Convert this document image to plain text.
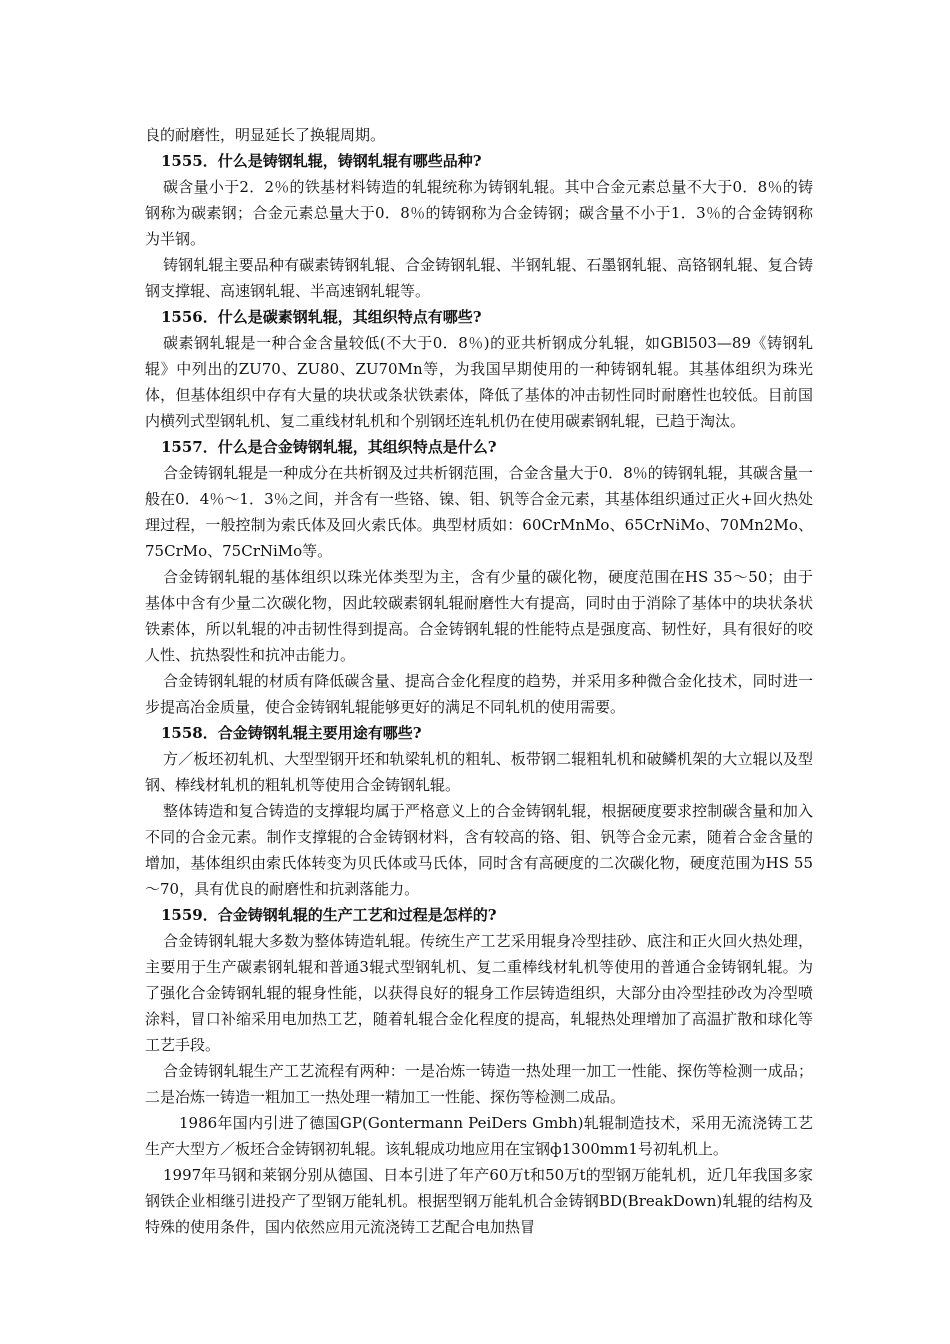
良的耐磨性，明显延长了换辊周期。

1555．什么是铸钢轧辊，铸钢轧辊有哪些品种?

碳含量小于2．2％的铁基材料铸造的轧辊统称为铸钢轧辊。其中合金元素总量不大于0．8％的铸钢称为碳素钢；合金元素总量大于0．8％的铸钢称为合金铸钢；碳含量不小于1．3％的合金铸钢称为半钢。

铸钢轧辊主要品种有碳素铸钢轧辊、合金铸钢轧辊、半钢轧辊、石墨钢轧辊、高铬钢轧辊、复合铸钢支撑辊、高速钢轧辊、半高速钢轧辊等。

1556．什么是碳素钢轧辊，其组织特点有哪些?

碳素钢轧辊是一种合金含量较低(不大于0．8％)的亚共析钢成分轧辊，如GBl503—89《铸钢轧辊》中列出的ZU70、ZU80、ZU70Mn等，为我国早期使用的一种铸钢轧辊。其基体组织为珠光体，但基体组织中存有大量的块状或条状铁素体，降低了基体的冲击韧性同时耐磨性也较低。目前国内横列式型钢轧机、复二重线材轧机和个别钢坯连轧机仍在使用碳素钢轧辊，已趋于淘汰。

1557．什么是合金铸钢轧辊，其组织特点是什么?

合金铸钢轧辊是一种成分在共析钢及过共析钢范围，合金含量大于0．8％的铸钢轧辊，其碳含量一般在0．4％～1．3％之间，并含有一些铬、镍、钼、钒等合金元素，其基体组织通过正火+回火热处理过程，一般控制为索氏体及回火索氏体。典型材质如：60CrMnMo、65CrNiMo、70Mn2Mo、75CrMo、75CrNiMo等。

合金铸钢轧辊的基体组织以珠光体类型为主，含有少量的碳化物，硬度范围在HS 35～50；由于基体中含有少量二次碳化物，因此较碳素钢轧辊耐磨性大有提高，同时由于消除了基体中的块状条状铁素体，所以轧辊的冲击韧性得到提高。合金铸钢轧辊的性能特点是强度高、韧性好，具有很好的咬人性、抗热裂性和抗冲击能力。

合金铸钢轧辊的材质有降低碳含量、提高合金化程度的趋势，并采用多种微合金化技术，同时进一步提高冶金质量，使合金铸钢轧辊能够更好的满足不同轧机的使用需要。

1558．合金铸钢轧辊主要用途有哪些?

方／板坯初轧机、大型型钢开坯和轨梁轧机的粗轧、板带钢二辊粗轧机和破鳞机架的大立辊以及型钢、棒线材轧机的粗轧机等使用合金铸钢轧辊。

整体铸造和复合铸造的支撑辊均属于严格意义上的合金铸钢轧辊，根据硬度要求控制碳含量和加入不同的合金元素。制作支撑辊的合金铸钢材料，含有较高的铬、钼、钒等合金元素，随着合金含量的增加，基体组织由索氏体转变为贝氏体或马氏体，同时含有高硬度的二次碳化物，硬度范围为HS 55～70，具有优良的耐磨性和抗剥落能力。

1559．合金铸钢轧辊的生产工艺和过程是怎样的?

合金铸钢轧辊大多数为整体铸造轧辊。传统生产工艺采用辊身冷型挂砂、底注和正火回火热处理，主要用于生产碳素钢轧辊和普通3辊式型钢轧机、复二重棒线材轧机等使用的普通合金铸钢轧辊。为了强化合金铸钢轧辊的辊身性能，以获得良好的辊身工作层铸造组织，大部分由冷型挂砂改为冷型喷涂料，冒口补缩采用电加热工艺，随着轧辊合金化程度的提高，轧辊热处理增加了高温扩散和球化等工艺手段。

合金铸钢轧辊生产工艺流程有两种：一是冶炼一铸造一热处理一加工一性能、探伤等检测一成品；二是冶炼一铸造一粗加工一热处理一精加工一性能、探伤等检测二成品。

1986年国内引进了德国GP(Gontermann PeiDers Gmbh)轧辊制造技术，采用无流浇铸工艺生产大型方／板坯合金铸钢初轧辊。该轧辊成功地应用在宝钢ф1300mm1号初轧机上。

1997年马钢和莱钢分别从德国、日本引进了年产60万t和50万t的型钢万能轧机，近几年我国多家钢铁企业相继引进投产了型钢万能轧机。根据型钢万能轧机合金铸钢BD(BreakDown)轧辊的结构及特殊的使用条件，国内依然应用元流浇铸工艺配合电加热冒
